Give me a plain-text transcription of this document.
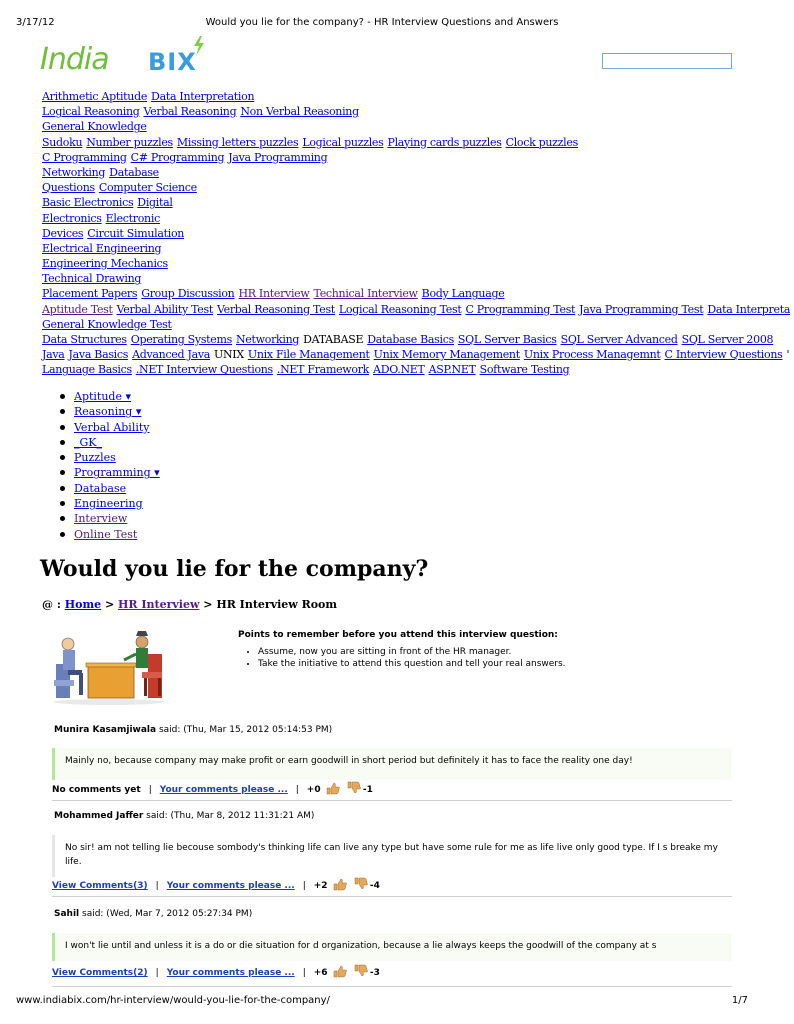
3/17/12	Would you lie for the company? - HR Interview Questions and Answers
India BIX
Arithmetic Aptitude Data Interpretation
Logical Reasoning Verbal Reasoning Non Verbal Reasoning
General Knowledge
Sudoku Number puzzles Missing letters puzzles Logical puzzles Playing cards puzzles Clock puzzles
C Programming C# Programming Java Programming
Networking Database
Questions Computer Science
Basic Electronics Digital
Electronics Electronic
Devices Circuit Simulation
Electrical Engineering
Engineering Mechanics
Technical Drawing
Placement Papers Group Discussion HR Interview Technical Interview Body Language
Aptitude Test Verbal Ability Test Verbal Reasoning Test Logical Reasoning Test C Programming Test Java Programming Test Data Interpreta
General Knowledge Test
Data Structures Operating Systems Networking DATABASE Database Basics SQL Server Basics SQL Server Advanced SQL Server 2008
Java Java Basics Advanced Java UNIX Unix File Management Unix Memory Management Unix Process Managemnt C Interview Questions '
Language Basics .NET Interview Questions .NET Framework ADO.NET ASP.NET Software Testing
Aptitude ▾
Reasoning ▾
Verbal Ability
_GK_
Puzzles
Programming ▾
Database
Engineering
Interview
Online Test
Would you lie for the company?
@ : Home > HR Interview > HR Interview Room
Points to remember before you attend this interview question:
• Assume, now you are sitting in front of the HR manager.
• Take the initiative to attend this question and tell your real answers.
Munira Kasamjiwala said: (Thu, Mar 15, 2012 05:14:53 PM)
Mainly no, because company may make profit or earn goodwill in short period but definitely it has to face the reality one day!
No comments yet | Your comments please ... | +0	-1
Mohammed Jaffer said: (Thu, Mar 8, 2012 11:31:21 AM)
No sir! am not telling lie becouse sombody's thinking life can live any type but have some rule for me as life live only good type. If I s breake my life.
View Comments(3) | Your comments please ... | +2	-4
Sahil said: (Wed, Mar 7, 2012 05:27:34 PM)
I won't lie until and unless it is a do or die situation for d organization, because a lie always keeps the goodwill of the company at s
View Comments(2) | Your comments please ... | +6	-3
www.indiabix.com/hr-interview/would-you-lie-for-the-company/	1/7
